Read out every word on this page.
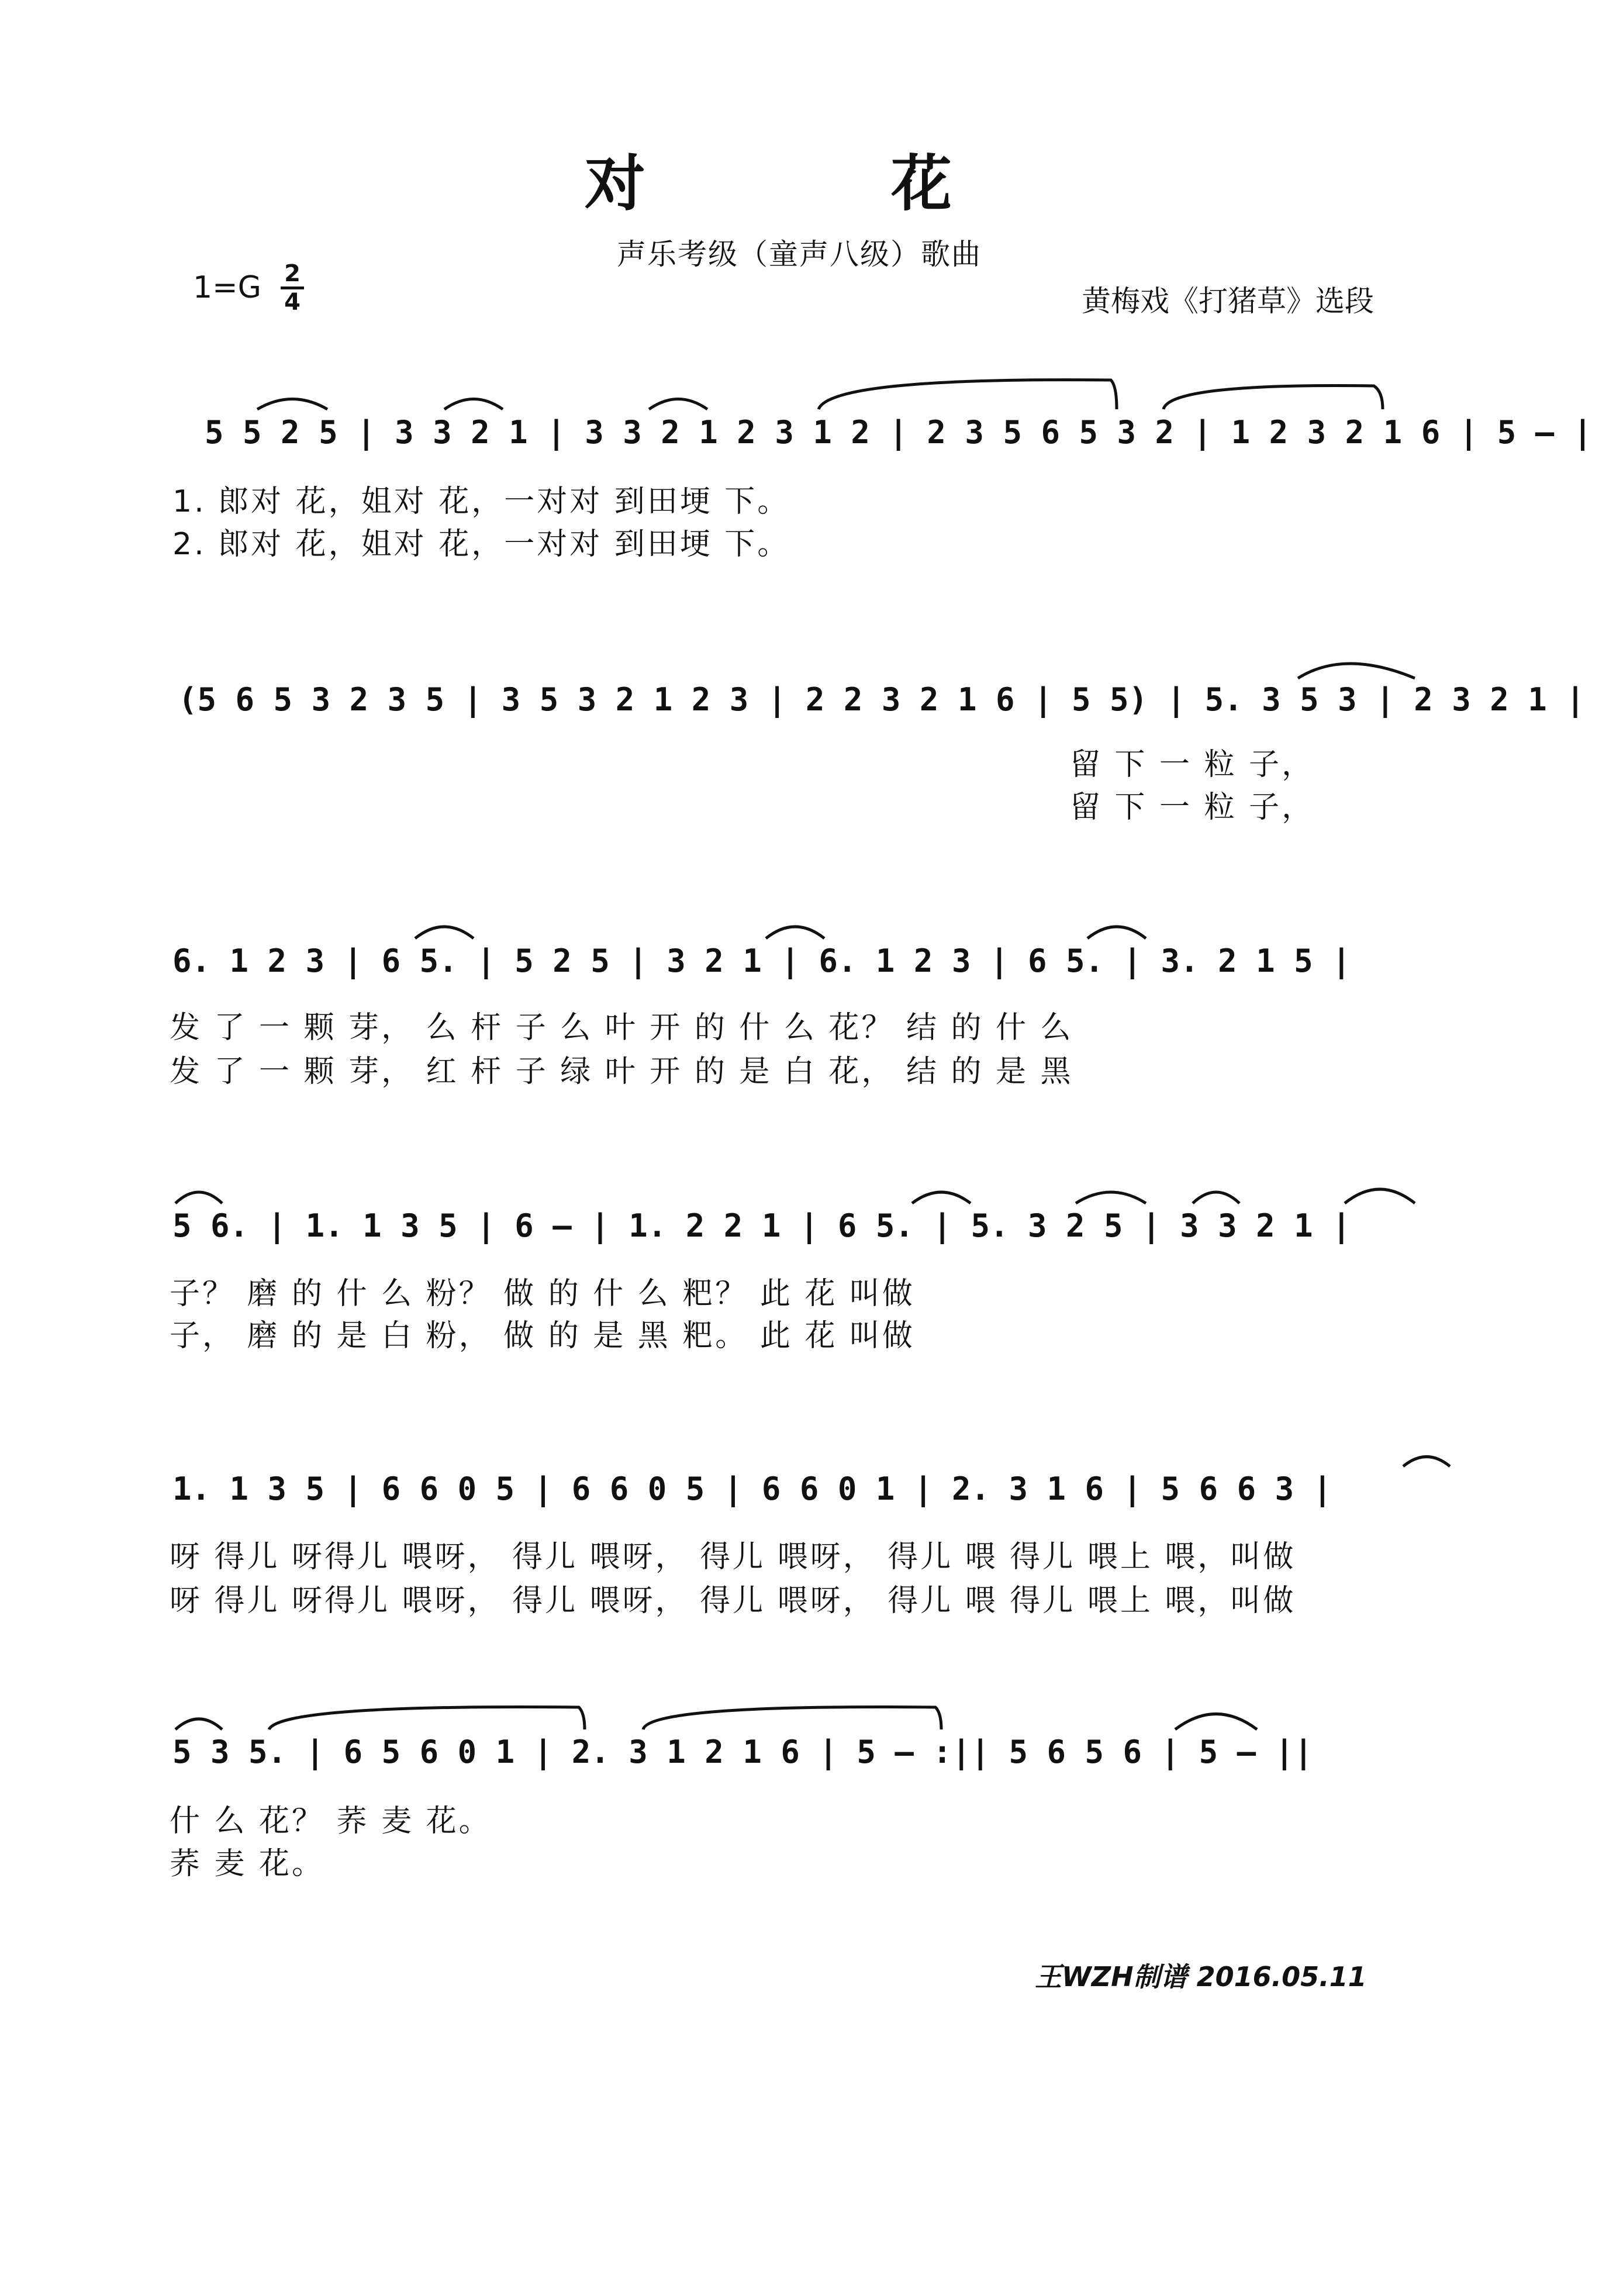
对花
声乐考级（童声八级）歌曲
1=G 2
4	黄梅戏《打猪草》选段
5 5 2 5 | 3 3 2 1 | 3 3 2 1 2 3 1 2 | 2 3 5 6 5 3 2 | 1 2 3 2 1 6 | 5 – |
1. 郎对 花，姐对 花，一对对 到田埂 下。
2. 郎对 花，姐对 花，一对对 到田埂 下。
(5 6 5 3 2 3 5 | 3 5 3 2 1 2 3 | 2 2 3 2 1 6 | 5 5) | 5. 3 5 3 | 2 3 2 1 |
留 下 一 粒 子，
留 下 一 粒 子，
6. 1 2 3 | 6 5. | 5 2 5 | 3 2 1 | 6. 1 2 3 | 6 5. | 3. 2 1 5 |
发 了 一 颗 芽， 么 杆 子 么 叶 开 的 什 么 花？ 结 的 什 么
发 了 一 颗 芽， 红 杆 子 绿 叶 开 的 是 白 花， 结 的 是 黑
5 6. | 1. 1 3 5 | 6 – | 1. 2 2 1 | 6 5. | 5. 3 2 5 | 3 3 2 1 |
子？ 磨 的 什 么 粉？ 做 的 什 么 粑？ 此 花 叫做
子， 磨 的 是 白 粉， 做 的 是 黑 粑。 此 花 叫做
1. 1 3 5 | 6 6 0 5 | 6 6 0 5 | 6 6 0 1 | 2. 3 1 6 | 5 6 6 3 |
呀 得儿 呀得儿 喂呀， 得儿 喂呀， 得儿 喂呀， 得儿 喂 得儿 喂上 喂，叫做
呀 得儿 呀得儿 喂呀， 得儿 喂呀， 得儿 喂呀， 得儿 喂 得儿 喂上 喂，叫做
5 3 5. | 6 5 6 0 1 | 2. 3 1 2 1 6 | 5 – :|| 5 6 5 6 | 5 – ||
什 么 花？ 荞 麦 花。
荞 麦 花。
王WZH制谱 2016.05.11
